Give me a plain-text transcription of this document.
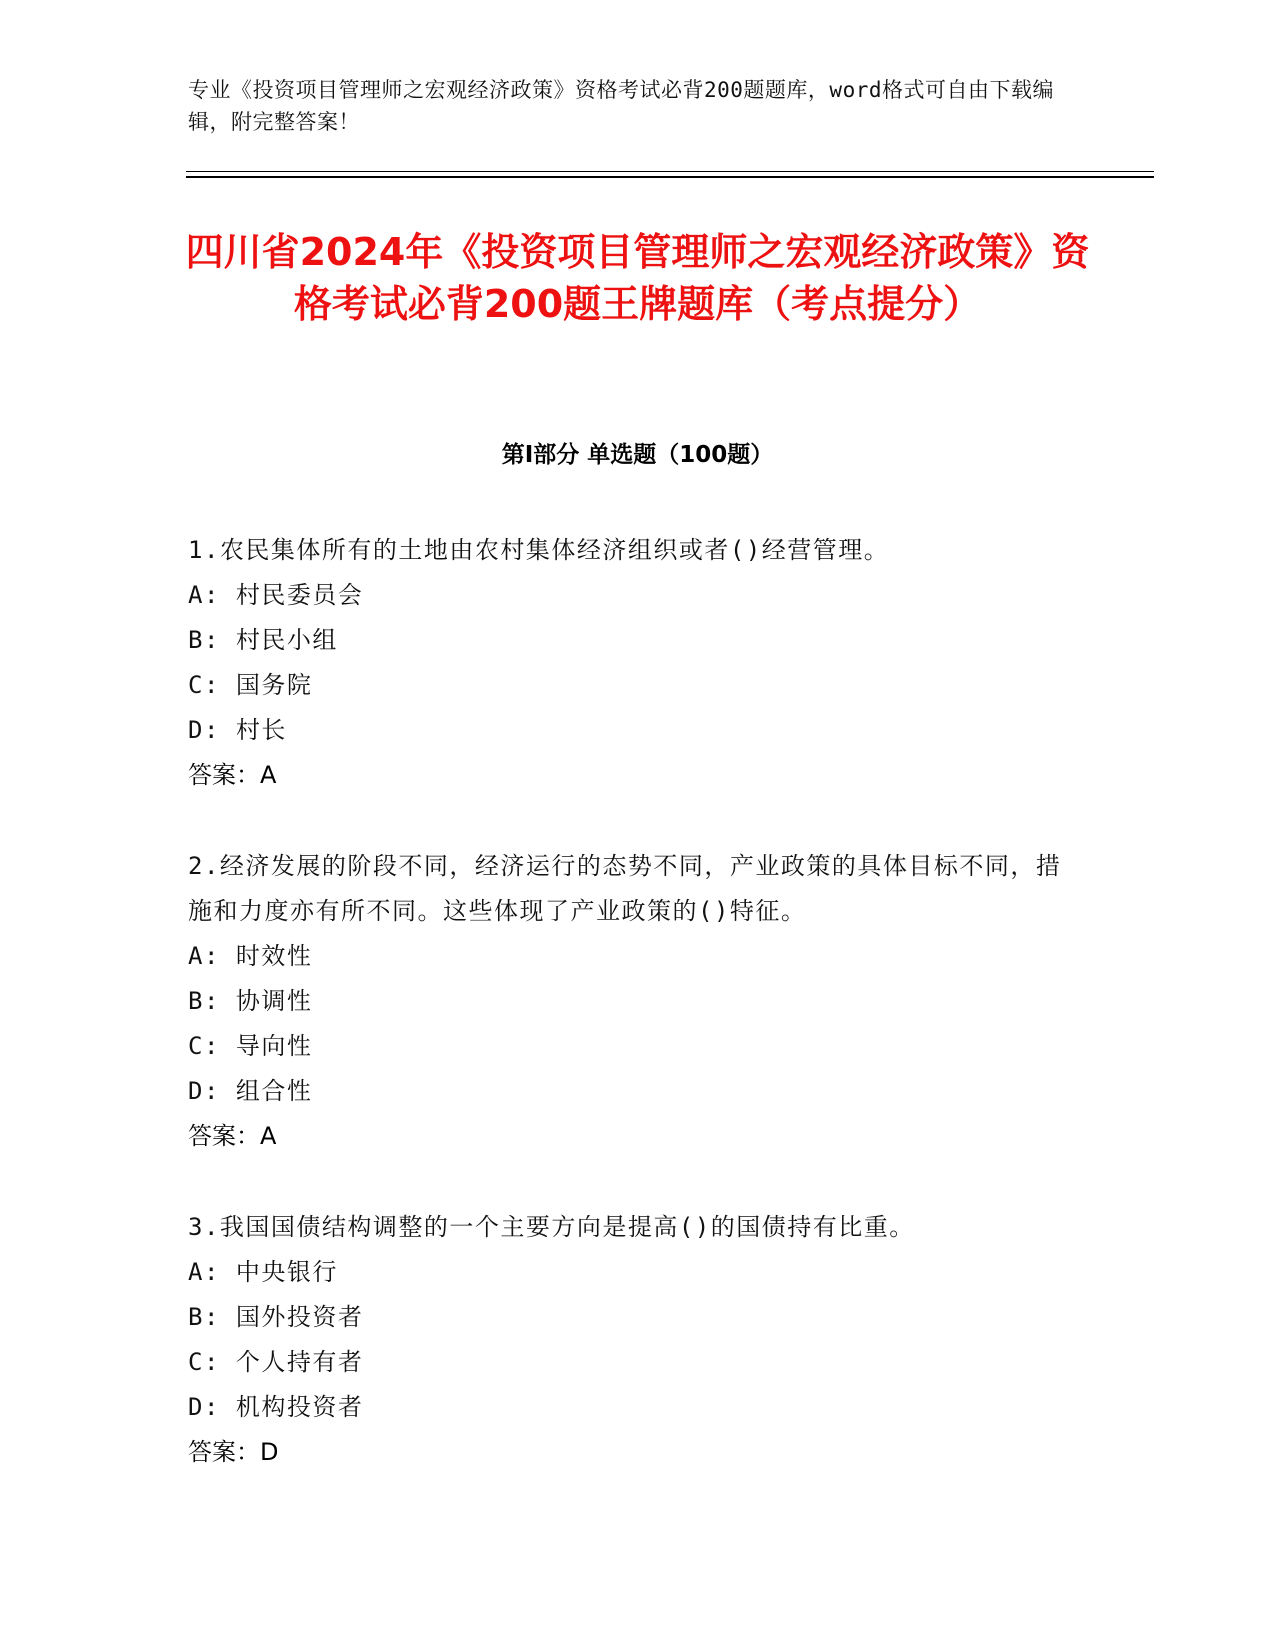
专业《投资项目管理师之宏观经济政策》资格考试必背200题题库，word格式可自由下载编辑，附完整答案！
四川省2024年《投资项目管理师之宏观经济政策》资格考试必背200题王牌题库（考点提分）
第Ⅰ部分 单选题（100题）
1.农民集体所有的土地由农村集体经济组织或者()经营管理。
A: 村民委员会
B: 村民小组
C: 国务院
D: 村长
答案：A
2.经济发展的阶段不同，经济运行的态势不同，产业政策的具体目标不同，措施和力度亦有所不同。这些体现了产业政策的()特征。
A: 时效性
B: 协调性
C: 导向性
D: 组合性
答案：A
3.我国国债结构调整的一个主要方向是提高()的国债持有比重。
A: 中央银行
B: 国外投资者
C: 个人持有者
D: 机构投资者
答案：D
